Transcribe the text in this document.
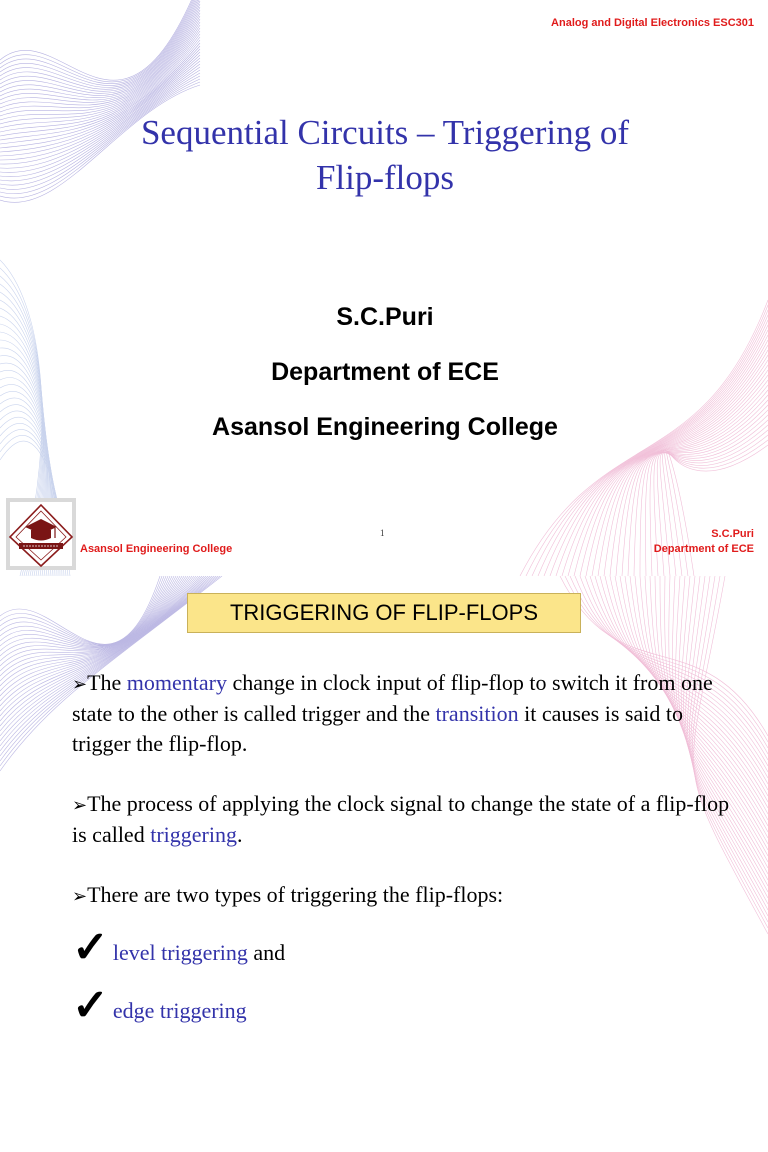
Analog and Digital Electronics ESC301

Sequential Circuits – Triggering of
Flip-flops

S.C.Puri

Department of ECE

Asansol Engineering College

Asansol Engineering College

1	S.C.Puri

Department of ECE

TRIGGERING OF FLIP-FLOPS

➢The momentary change in clock input of flip-flop to switch it from one state to the other is called trigger and the transition it causes is said to trigger the flip-flop.

➢The process of applying the clock signal to change the state of a flip-flop is called triggering.

➢There are two types of triggering the flip-flops:

✓ level triggering and
✓ edge triggering
